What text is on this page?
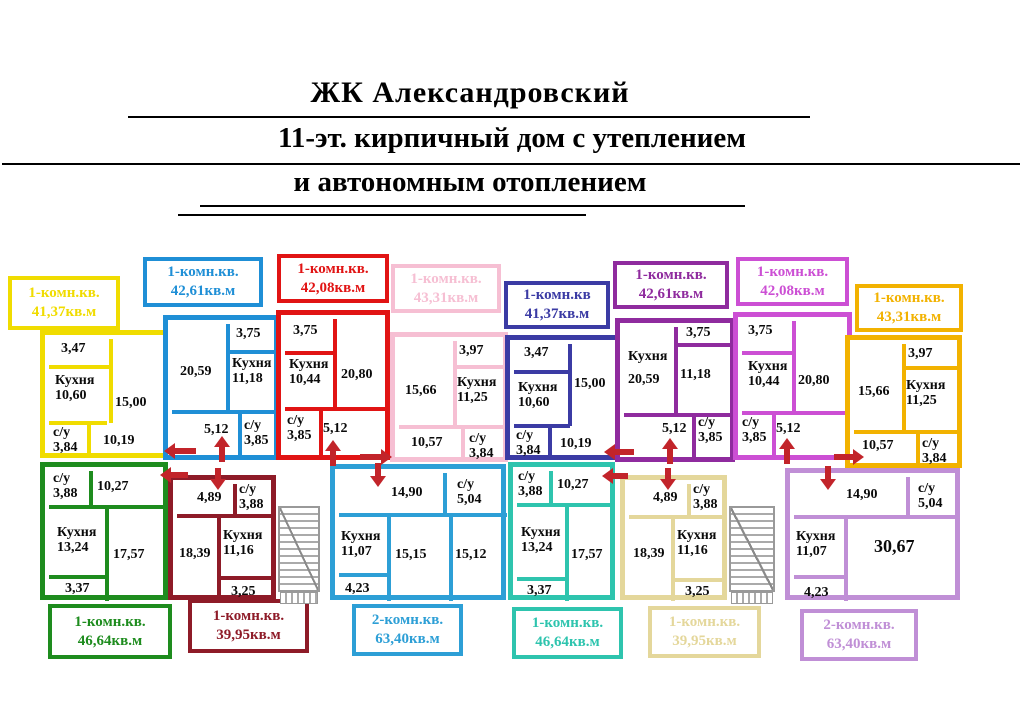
ЖК Александровский
11-эт. кирпичный дом с утеплением
и автономным отоплением
1-комн.кв.
41,37кв.м
1-комн.кв.
42,61кв.м
1-комн.кв.
42,08кв.м
1-комн.кв.
43,31кв.м	1-комн.кв
41,37кв.м
1-комн.кв.
42,61кв.м
1-комн.кв.
42,08кв.м	1-комн.кв.
43,31кв.м
1-комн.кв.
46,64кв.м
1-комн.кв.
39,95кв.м
2-комн.кв.
63,40кв.м
1-комн.кв.
46,64кв.м
1-комн.кв.
39,95кв.м
2-комн.кв.
63,40кв.м
3,47
Кухня
10,60	15,00
с/у
3,84 10,19
3,75
20,59
Кухня
11,18
5,12 с/у
3,85
3,75
Кухня
10,44	20,80
с/у
3,85 5,12
3,97
15,66
Кухня
11,25
10,57 с/у
3,84
3,47
Кухня
10,60
15,00
с/у
3,84 10,19
3,75
Кухня
20,59	11,18
5,12 с/у
3,85
3,75
Кухня
10,44	20,80
с/у
3,85
5,12
3,97
15,66 Кухня
11,25
10,57 с/у
3,84
с/у
3,88 10,27
Кухня
13,24	17,57
3,37
4,89
с/у
3,88
18,39
Кухня
11,16
3,25
14,90
с/у
5,04
Кухня
11,07	15,15 15,12
4,23
с/у
3,88 10,27
Кухня
13,24	17,57
3,37
4,89
с/у
3,88
18,39
Кухня
11,16
3,25
14,90	с/у
5,04
Кухня
11,07	30,67
4,23
